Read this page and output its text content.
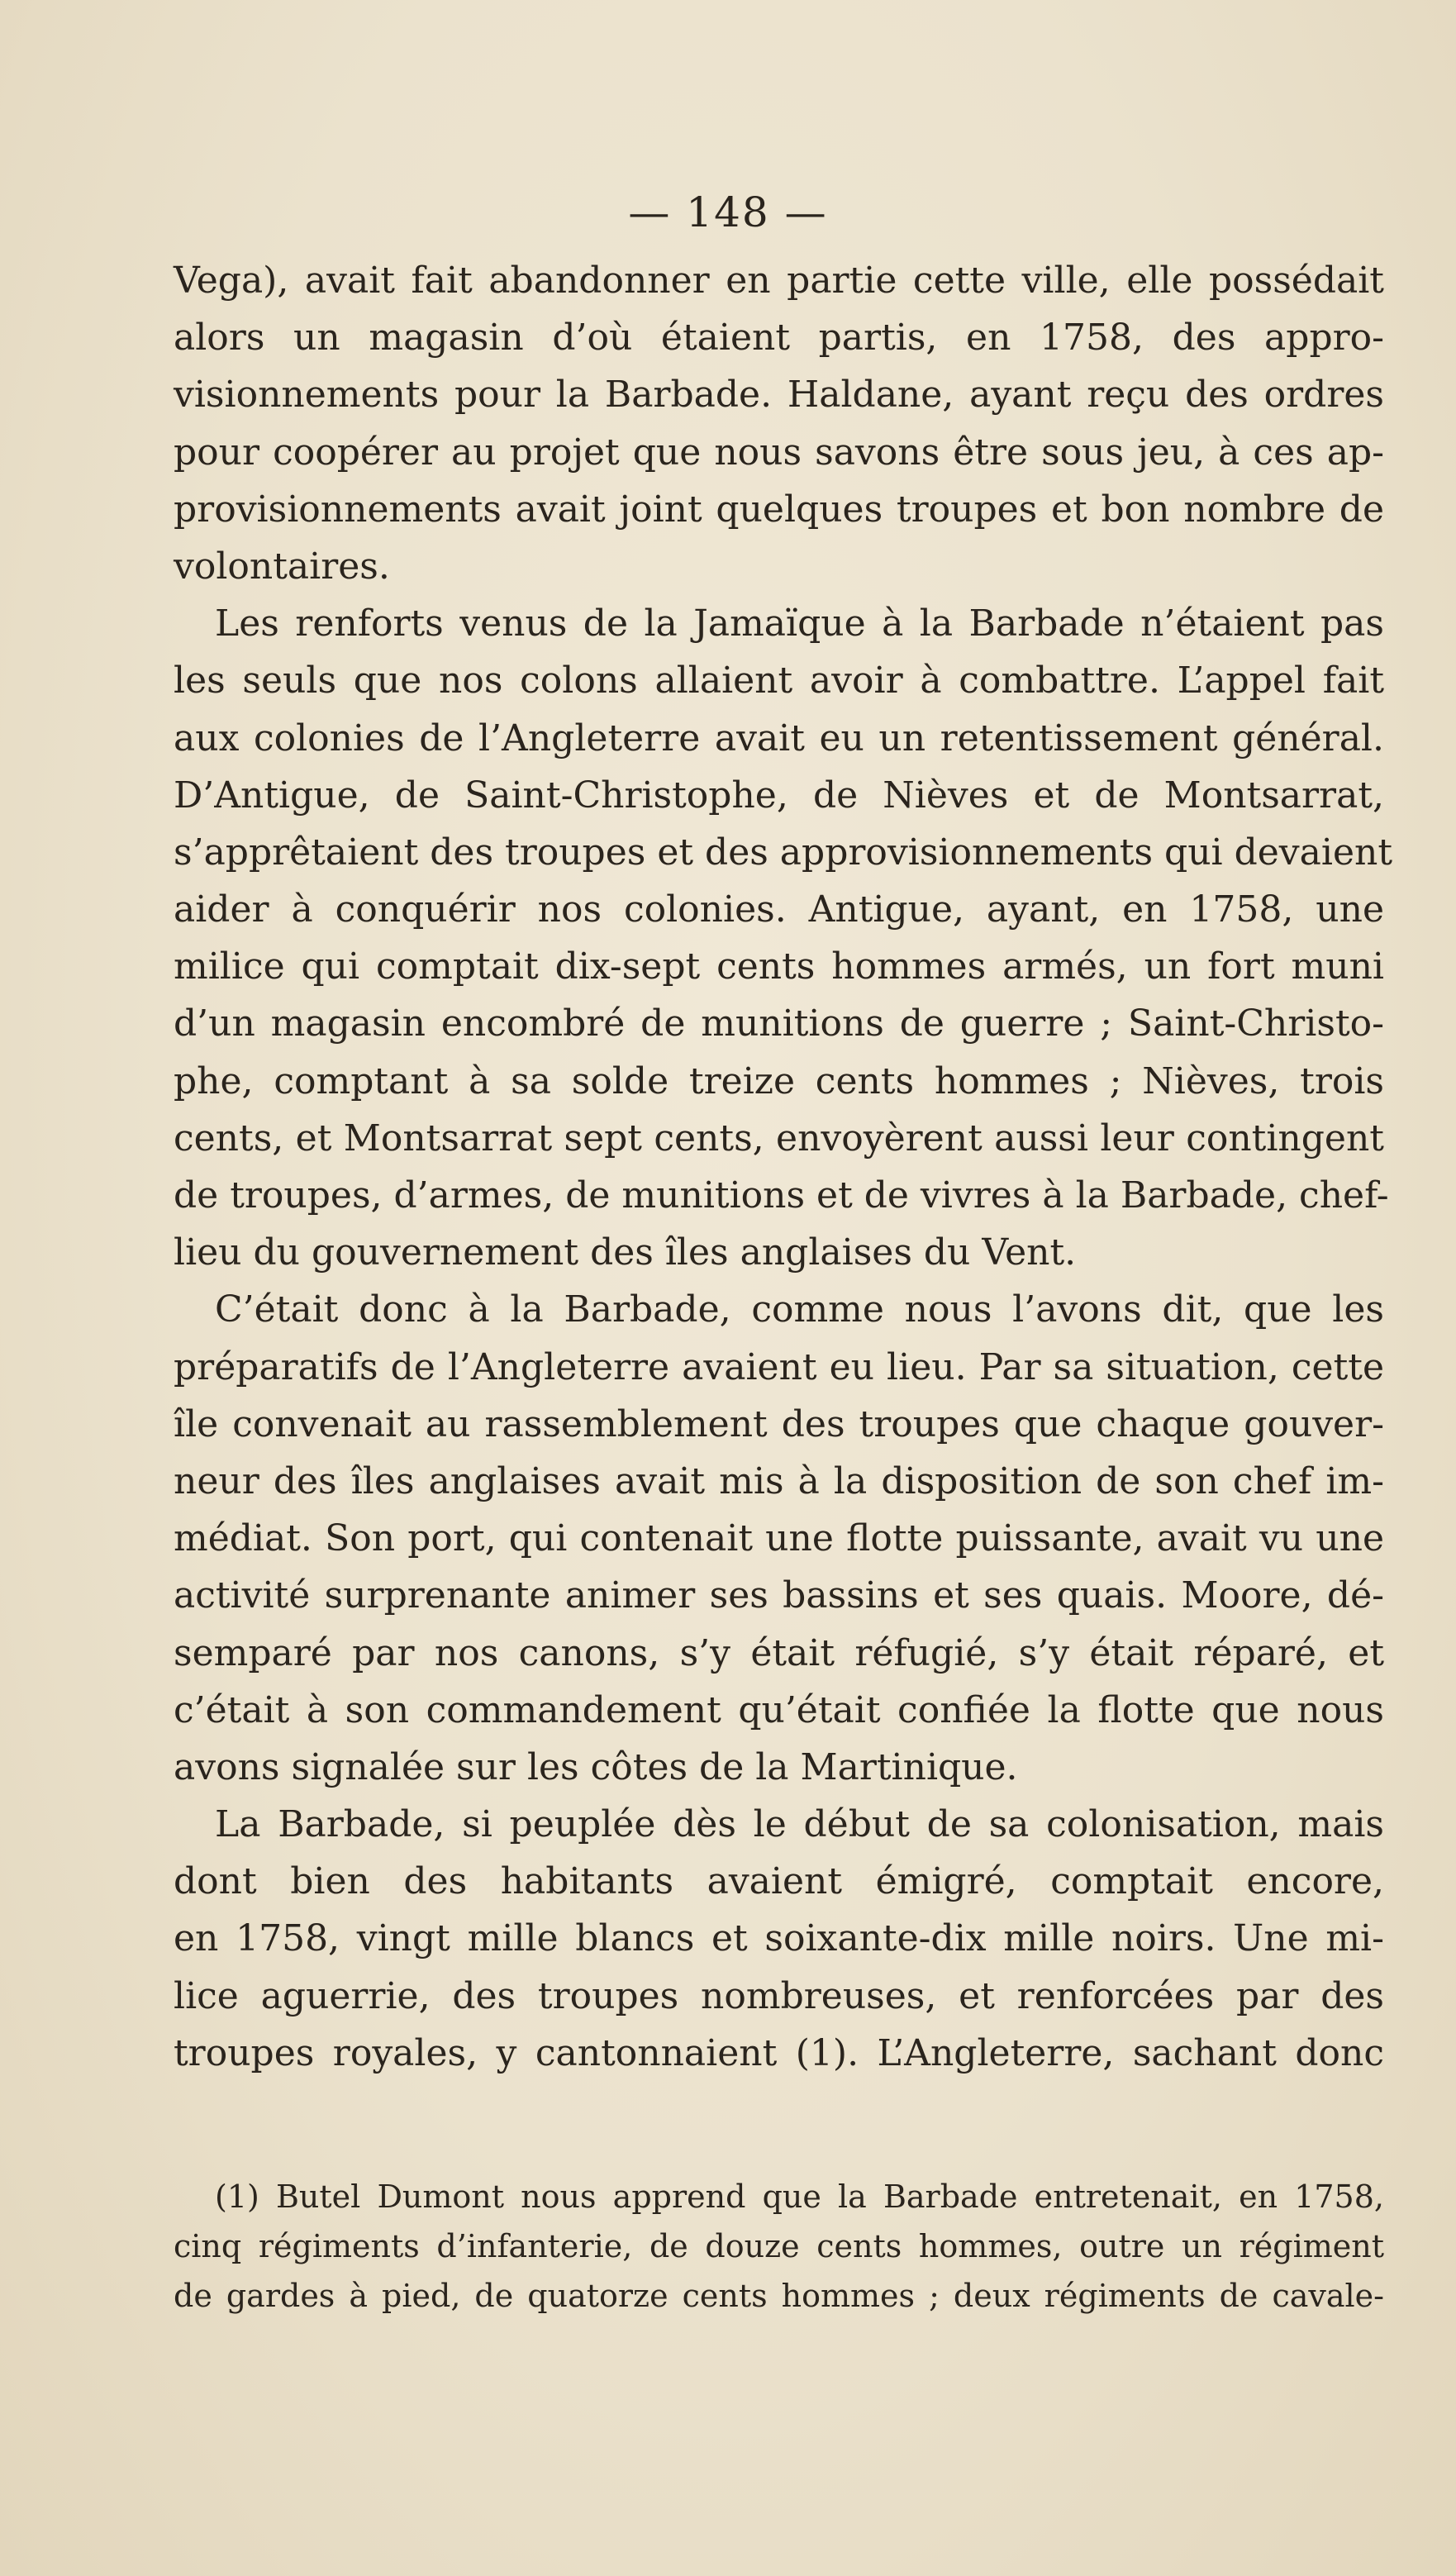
— 148 —
Vega), avait fait abandonner en partie cette ville, elle possédait
alors un magasin d’où étaient partis, en 1758, des appro-
visionnements pour la Barbade. Haldane, ayant reçu des ordres
pour coopérer au projet que nous savons être sous jeu, à ces ap-
provisionnements avait joint quelques troupes et bon nombre de
volontaires.
Les renforts venus de la Jamaïque à la Barbade n’étaient pas
les seuls que nos colons allaient avoir à combattre. L’appel fait
aux colonies de l’Angleterre avait eu un retentissement général.
D’Antigue, de Saint-Christophe, de Nièves et de Montsarrat,
s’apprêtaient des troupes et des approvisionnements qui devaient
aider à conquérir nos colonies. Antigue, ayant, en 1758, une
milice qui comptait dix-sept cents hommes armés, un fort muni
d’un magasin encombré de munitions de guerre ; Saint-Christo-
phe, comptant à sa solde treize cents hommes ; Nièves, trois
cents, et Montsarrat sept cents, envoyèrent aussi leur contingent
de troupes, d’armes, de munitions et de vivres à la Barbade, chef-
lieu du gouvernement des îles anglaises du Vent.
C’était donc à la Barbade, comme nous l’avons dit, que les
préparatifs de l’Angleterre avaient eu lieu. Par sa situation, cette
île convenait au rassemblement des troupes que chaque gouver-
neur des îles anglaises avait mis à la disposition de son chef im-
médiat. Son port, qui contenait une flotte puissante, avait vu une
activité surprenante animer ses bassins et ses quais. Moore, dé-
semparé par nos canons, s’y était réfugié, s’y était réparé, et
c’était à son commandement qu’était confiée la flotte que nous
avons signalée sur les côtes de la Martinique.
La Barbade, si peuplée dès le début de sa colonisation, mais
dont bien des habitants avaient émigré, comptait encore,
en 1758, vingt mille blancs et soixante-dix mille noirs. Une mi-
lice aguerrie, des troupes nombreuses, et renforcées par des
troupes royales, y cantonnaient (1). L’Angleterre, sachant donc
(1) Butel Dumont nous apprend que la Barbade entretenait, en 1758,
cinq régiments d’infanterie, de douze cents hommes, outre un régiment
de gardes à pied, de quatorze cents hommes ; deux régiments de cavale-
